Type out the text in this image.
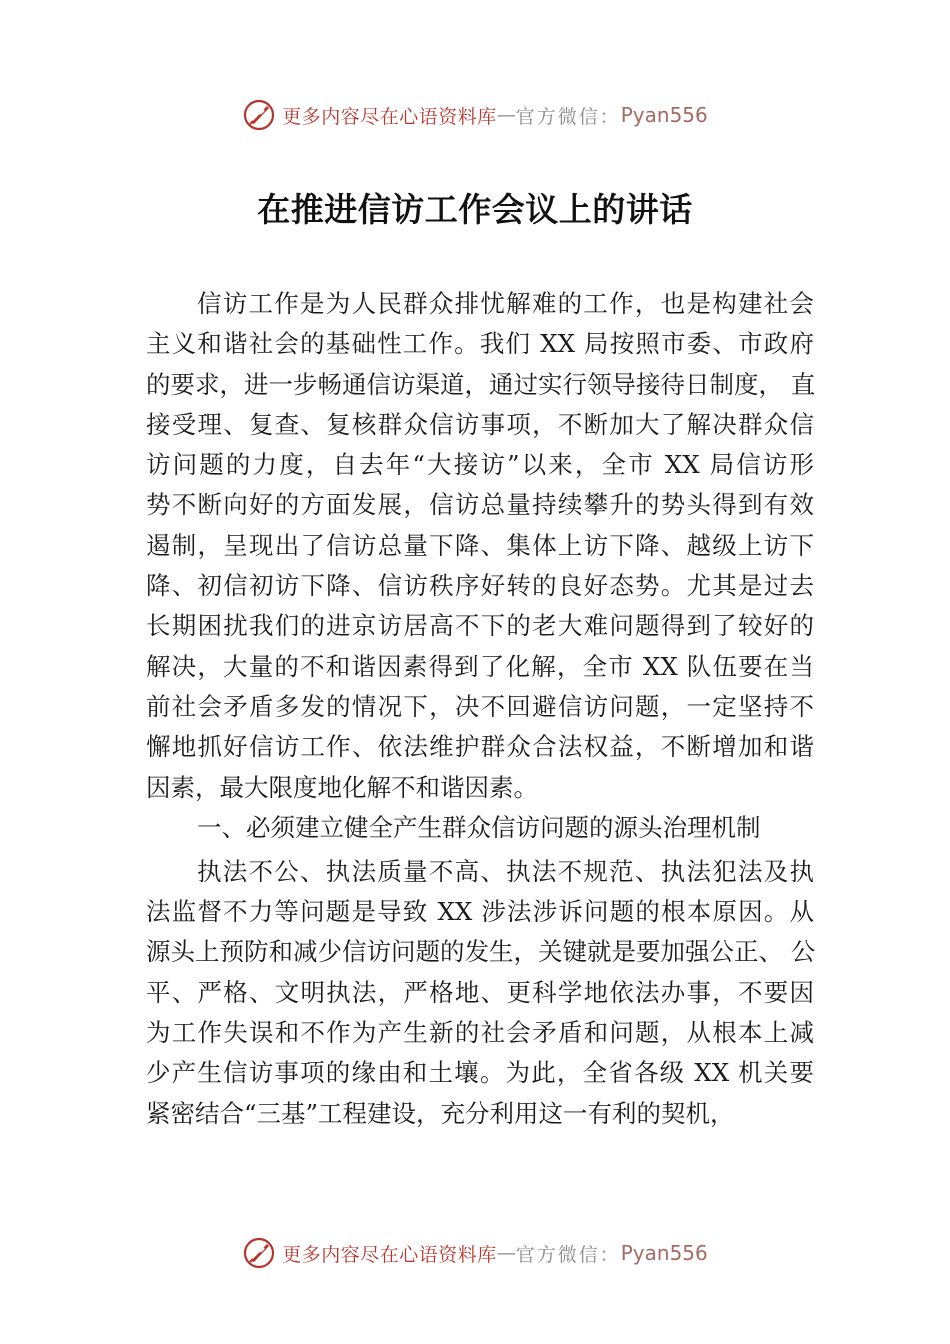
更多内容尽在心语资料库 — 官方微信： Pyan556
在推进信访工作会议上的讲话
信访工作是为人民群众排忧解难的工作，也是构建社会
主义和谐社会的基础性工作。我们 XX 局按照市委、市政府
的要求，进一步畅通信访渠道，通过实行领导接待日制度， 直
接受理、复查、复核群众信访事项，不断加大了解决群众信
访问题的力度，自去年“大接访”以来，全市 XX 局信访形
势不断向好的方面发展，信访总量持续攀升的势头得到有效
遏制，呈现出了信访总量下降、集体上访下降、越级上访下
降、初信初访下降、信访秩序好转的良好态势。尤其是过去
长期困扰我们的进京访居高不下的老大难问题得到了较好的
解决，大量的不和谐因素得到了化解，全市 XX 队伍要在当
前社会矛盾多发的情况下，决不回避信访问题，一定坚持不
懈地抓好信访工作、依法维护群众合法权益，不断增加和谐
因素，最大限度地化解不和谐因素。
一、必须建立健全产生群众信访问题的源头治理机制
执法不公、执法质量不高、执法不规范、执法犯法及执
法监督不力等问题是导致 XX 涉法涉诉问题的根本原因。从
源头上预防和减少信访问题的发生，关键就是要加强公正、 公
平、严格、文明执法，严格地、更科学地依法办事，不要因
为工作失误和不作为产生新的社会矛盾和问题，从根本上减
少产生信访事项的缘由和土壤。为此，全省各级 XX 机关要
紧密结合“三基”工程建设，充分利用这一有利的契机，
更多内容尽在心语资料库 — 官方微信： Pyan556
